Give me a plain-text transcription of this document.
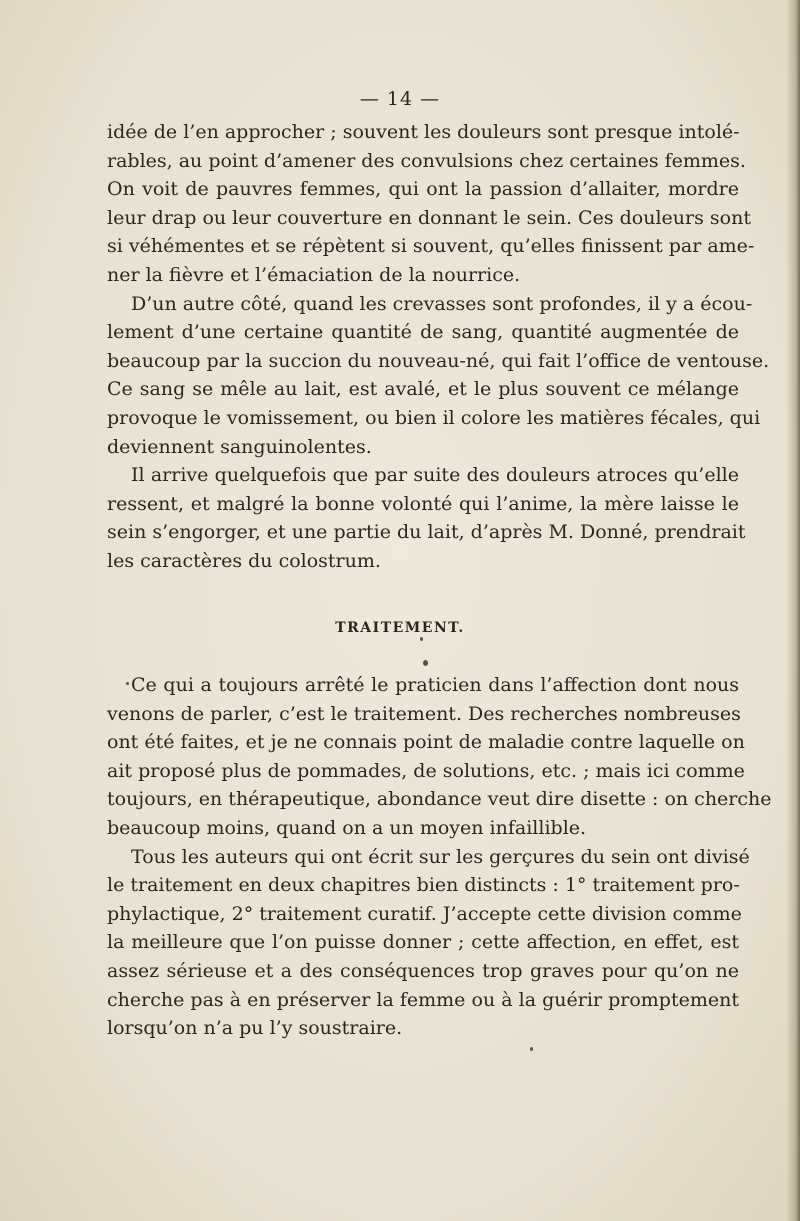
— 14 —
idée de l’en approcher ; souvent les douleurs sont presque intolé-
rables, au point d’amener des convulsions chez certaines femmes.
On voit de pauvres femmes, qui ont la passion d’allaiter, mordre
leur drap ou leur couverture en donnant le sein. Ces douleurs sont
si véhémentes et se répètent si souvent, qu’elles finissent par ame-
ner la fièvre et l’émaciation de la nourrice.
D’un autre côté, quand les crevasses sont profondes, il y a écou-
lement d’une certaine quantité de sang, quantité augmentée de
beaucoup par la succion du nouveau-né, qui fait l’office de ventouse.
Ce sang se mêle au lait, est avalé, et le plus souvent ce mélange
provoque le vomissement, ou bien il colore les matières fécales, qui
deviennent sanguinolentes.
Il arrive quelquefois que par suite des douleurs atroces qu’elle
ressent, et malgré la bonne volonté qui l’anime, la mère laisse le
sein s’engorger, et une partie du lait, d’après M. Donné, prendrait
les caractères du colostrum.
TRAITEMENT.
Ce qui a toujours arrêté le praticien dans l’affection dont nous
venons de parler, c’est le traitement. Des recherches nombreuses
ont été faites, et je ne connais point de maladie contre laquelle on
ait proposé plus de pommades, de solutions, etc. ; mais ici comme
toujours, en thérapeutique, abondance veut dire disette : on cherche
beaucoup moins, quand on a un moyen infaillible.
Tous les auteurs qui ont écrit sur les gerçures du sein ont divisé
le traitement en deux chapitres bien distincts : 1° traitement pro-
phylactique, 2° traitement curatif. J’accepte cette division comme
la meilleure que l’on puisse donner ; cette affection, en effet, est
assez sérieuse et a des conséquences trop graves pour qu’on ne
cherche pas à en préserver la femme ou à la guérir promptement
lorsqu’on n’a pu l’y soustraire.
